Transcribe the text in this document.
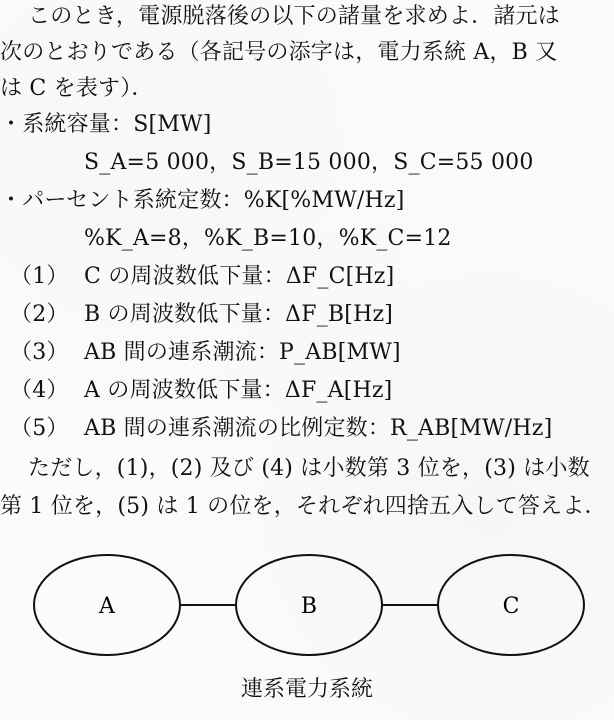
このとき，電源脱落後の以下の諸量を求めよ．諸元は
次のとおりである（各記号の添字は，電力系統 A，B 又
は C を表す）．
・系統容量：S[MW]
S_A=5 000，S_B=15 000，S_C=55 000
・パーセント系統定数：%K[%MW/Hz]
%K_A=8，%K_B=10，%K_C=12
（1） C の周波数低下量：ΔF_C[Hz]
（2） B の周波数低下量：ΔF_B[Hz]
（3） AB 間の連系潮流：P_AB[MW]
（4） A の周波数低下量：ΔF_A[Hz]
（5） AB 間の連系潮流の比例定数：R_AB[MW/Hz]
ただし，(1)，(2) 及び (4) は小数第 3 位を，(3) は小数
第 1 位を，(5) は 1 の位を，それぞれ四捨五入して答えよ．
A	B	C
連系電力系統
